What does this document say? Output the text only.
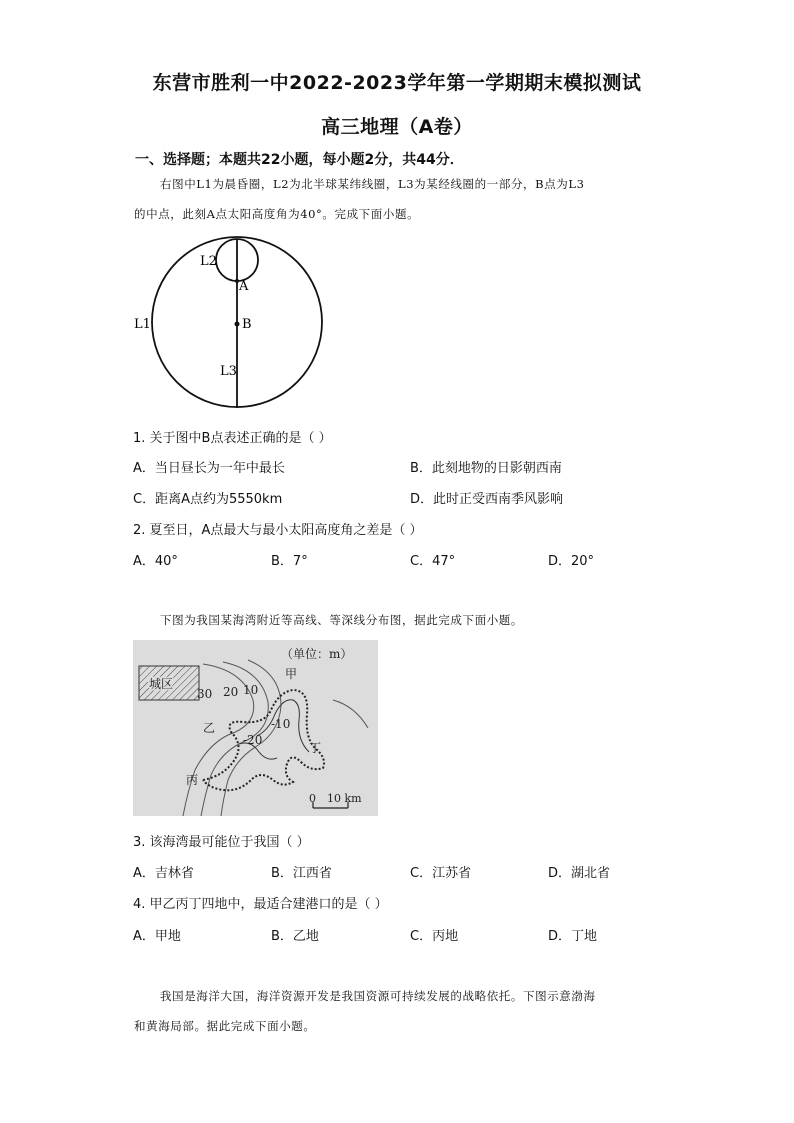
东营市胜利一中2022-2023学年第一学期期末模拟测试
高三地理（A卷）
一、选择题；本题共22小题，每小题2分，共44分．
右图中L1为晨昏圈，L2为北半球某纬线圈，L3为某经线圈的一部分，B点为L3
的中点，此刻A点太阳高度角为40°。完成下面小题。
L2
A
L1	B
L3
1. 关于图中B点表述正确的是（ ）
A．当日昼长为一年中最长	B．此刻地物的日影朝西南
C．距离A点约为5550km	D．此时正受西南季风影响
2. 夏至日，A点最大与最小太阳高度角之差是（ ）
A．40°	B．7°	C．47°	D．20°
下图为我国某海湾附近等高线、等深线分布图，据此完成下面小题。
城区
（单位：m）
甲
乙
丙
丁
30 20 10
-10
-20
0 10 km
3. 该海湾最可能位于我国（ ）
A．吉林省	B．江西省	C．江苏省	D．湖北省
4. 甲乙丙丁四地中，最适合建港口的是（ ）
A．甲地	B．乙地	C．丙地	D．丁地
我国是海洋大国，海洋资源开发是我国资源可持续发展的战略依托。下图示意渤海
和黄海局部。据此完成下面小题。
